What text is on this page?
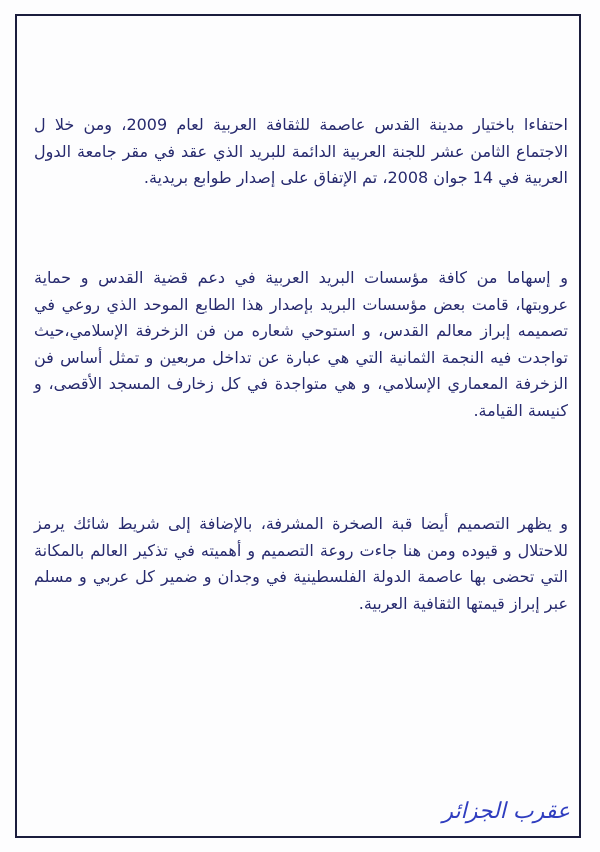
احتفاءا باختيار مدينة القدس عاصمة للثقافة العربية لعام 2009، ومن خلا ل الاجتماع الثامن عشر للجنة العربية الدائمة للبريد الذي عقد في مقر جامعة الدول العربية في 14 جوان 2008، تم الإتفاق على إصدار طوابع بريدية.

و إسهاما من كافة مؤسسات البريد العربية في دعم قضية القدس و حماية عروبتها، قامت بعض مؤسسات البريد بإصدار هذا الطابع الموحد الذي روعي في تصميمه إبراز معالم القدس، و استوحي شعاره من فن الزخرفة الإسلامي،حيث تواجدت فيه النجمة الثمانية التي هي عبارة عن تداخل مربعين و تمثل أساس فن الزخرفة المعماري الإسلامي، و هي متواجدة في كل زخارف المسجد الأقصى، و كنيسة القيامة.

و يظهر التصميم أيضا قبة الصخرة المشرفة، بالإضافة إلى شريط شائك يرمز للاحتلال و قيوده ومن هنا جاءت روعة التصميم و أهميته في تذكير العالم بالمكانة التي تحضى بها عاصمة الدولة الفلسطينية في وجدان و ضمير كل عربي و مسلم عبر إبراز قيمتها الثقافية العربية.

عقرب الجزائر
